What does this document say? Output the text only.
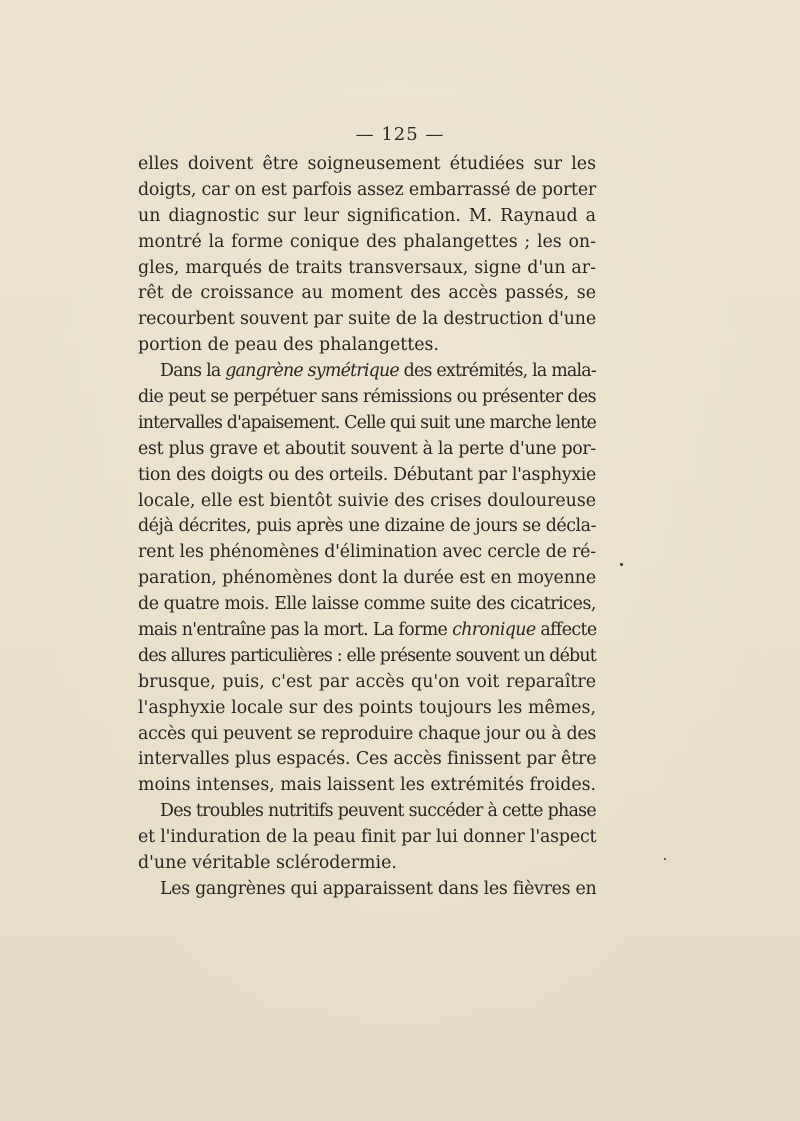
— 125 —
elles doivent être soigneusement étudiées sur les
doigts, car on est parfois assez embarrassé de porter
un diagnostic sur leur signification. M. Raynaud a
montré la forme conique des phalangettes ; les on-
gles, marqués de traits transversaux, signe d'un ar-
rêt de croissance au moment des accès passés, se
recourbent souvent par suite de la destruction d'une
portion de peau des phalangettes.
Dans la gangrène symétrique des extrémités, la mala-
die peut se perpétuer sans rémissions ou présenter des
intervalles d'apaisement. Celle qui suit une marche lente
est plus grave et aboutit souvent à la perte d'une por-
tion des doigts ou des orteils. Débutant par l'asphyxie
locale, elle est bientôt suivie des crises douloureuse
déjà décrites, puis après une dizaine de jours se décla-
rent les phénomènes d'élimination avec cercle de ré-
paration, phénomènes dont la durée est en moyenne
de quatre mois. Elle laisse comme suite des cicatrices,
mais n'entraîne pas la mort. La forme chronique affecte
des allures particulières : elle présente souvent un début
brusque, puis, c'est par accès qu'on voit reparaître
l'asphyxie locale sur des points toujours les mêmes,
accès qui peuvent se reproduire chaque jour ou à des
intervalles plus espacés. Ces accès finissent par être
moins intenses, mais laissent les extrémités froides.
Des troubles nutritifs peuvent succéder à cette phase
et l'induration de la peau finit par lui donner l'aspect
d'une véritable sclérodermie.
Les gangrènes qui apparaissent dans les fièvres en
